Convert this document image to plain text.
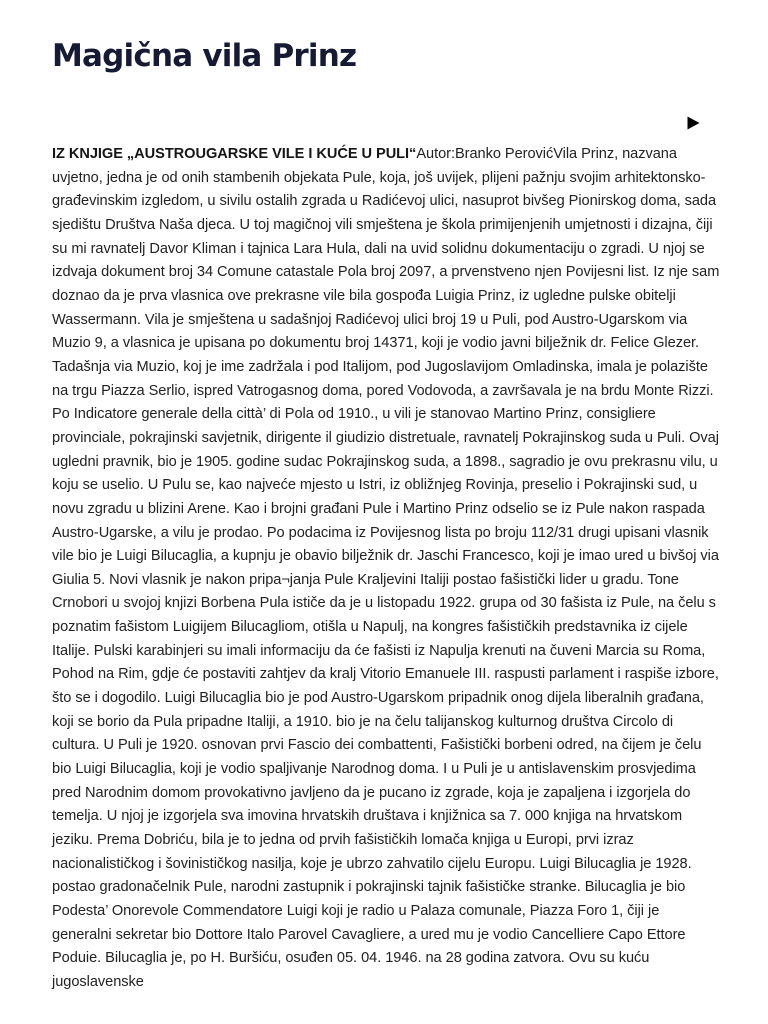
Magična vila Prinz

IZ KNJIGE „AUSTROUGARSKE VILE I KUĆE U PULI“Autor:Branko PerovićVila Prinz, nazvana uvjetno, jedna je od onih stambenih objekata Pule, koja, još uvijek, plijeni pažnju svojim arhitektonsko-građevinskim izgledom, u sivilu ostalih zgrada u Radićevoj ulici, nasuprot bivšeg Pionirskog doma, sada sjedištu Društva Naša djeca. U toj magičnoj vili smještena je škola primijenjenih umjetnosti i dizajna, čiji su mi ravnatelj Davor Kliman i tajnica Lara Hula, dali na uvid solidnu dokumentaciju o zgradi. U njoj se izdvaja dokument broj 34 Comune catastale Pola broj 2097, a prvenstveno njen Povijesni list. Iz nje sam doznao da je prva vlasnica ove prekrasne vile bila gospođa Luigia Prinz, iz ugledne pulske obitelji Wassermann. Vila je smještena u sadašnjoj Radićevoj ulici broj 19 u Puli, pod Austro-Ugarskom via Muzio 9, a vlasnica je upisana po dokumentu broj 14371, koji je vodio javni bilježnik dr. Felice Glezer. Tadašnja via Muzio, koj je ime zadržala i pod Italijom, pod Jugoslavijom Omladinska, imala je polazište na trgu Piazza Serlio, ispred Vatrogasnog doma, pored Vodovoda, a završavala je na brdu Monte Rizzi. Po Indicatore generale della città’ di Pola od 1910., u vili je stanovao Martino Prinz, consigliere provinciale, pokrajinski savjetnik, dirigente il giudizio distretuale, ravnatelj Pokrajinskog suda u Puli. Ovaj ugledni pravnik, bio je 1905. godine sudac Pokrajinskog suda, a 1898., sagradio je ovu prekrasnu vilu, u koju se uselio. U Pulu se, kao najveće mjesto u Istri, iz obližnjeg Rovinja, preselio i Pokrajinski sud, u novu zgradu u blizini Arene. Kao i brojni građani Pule i Martino Prinz odselio se iz Pule nakon raspada Austro-Ugarske, a vilu je prodao. Po podacima iz Povijesnog lista po broju 112/31 drugi upisani vlasnik vile bio je Luigi Bilucaglia, a kupnju je obavio bilježnik dr. Jaschi Francesco, koji je imao ured u bivšoj via Giulia 5. Novi vlasnik je nakon pripa¬janja Pule Kraljevini Italiji postao fašistički lider u gradu. Tone Crnobori u svojoj knjizi Borbena Pula ističe da je u listopadu 1922. grupa od 30 fašista iz Pule, na čelu s poznatim fašistom Luigijem Bilucagliom, otišla u Napulj, na kongres fašističkih predstavnika iz cijele Italije. Pulski karabinjeri su imali informaciju da će fašisti iz Napulja krenuti na čuveni Marcia su Roma, Pohod na Rim, gdje će postaviti zahtjev da kralj Vitorio Emanuele III. raspusti parlament i raspiše izbore, što se i dogodilo. Luigi Bilucaglia bio je pod Austro-Ugarskom pripadnik onog dijela liberalnih građana, koji se borio da Pula pripadne Italiji, a 1910. bio je na čelu talijanskog kulturnog društva Circolo di cultura. U Puli je 1920. osnovan prvi Fascio dei combattenti, Fašistički borbeni odred, na čijem je čelu bio Luigi Bilucaglia, koji je vodio spaljivanje Narodnog doma. I u Puli je u antislavenskim prosvjedima pred Narodnim domom provokativno javljeno da je pucano iz zgrade, koja je zapaljena i izgorjela do temelja. U njoj je izgorjela sva imovina hrvatskih društava i knjižnica sa 7. 000 knjiga na hrvatskom jeziku. Prema Dobriću, bila je to jedna od prvih fašističkih lomača knjiga u Europi, prvi izraz nacionalističkog i šovinističkog nasilja, koje je ubrzo zahvatilo cijelu Europu. Luigi Bilucaglia je 1928. postao gradonačelnik Pule, narodni zastupnik i pokrajinski tajnik fašističke stranke. Bilucaglia je bio Podesta’ Onorevole Commendatore Luigi koji je radio u Palaza comunale, Piazza Foro 1, čiji je generalni sekretar bio Dottore Italo Parovel Cavagliere, a ured mu je vodio Cancelliere Capo Ettore Poduie. Bilucaglia je, po H. Buršiću, osuđen 05. 04. 1946. na 28 godina zatvora. Ovu su kuću jugoslavenske
